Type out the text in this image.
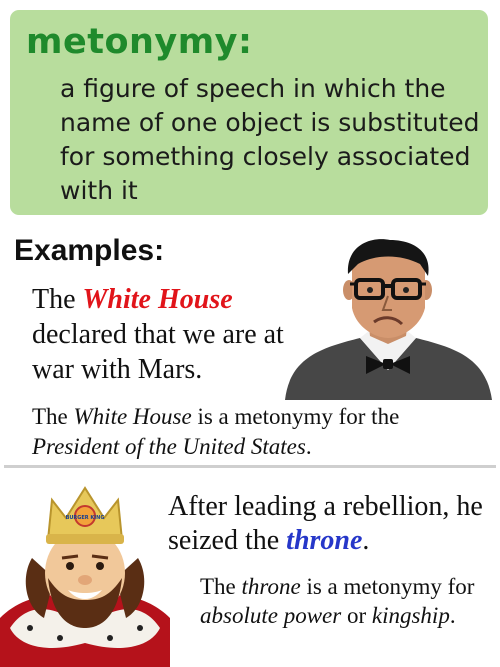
metonymy:
a figure of speech in which the name of one object is substituted for something closely associated with it
Examples:
The White House declared that we are at war with Mars.
The White House is a metonymy for the President of the United States.
BURGER KING After leading a rebellion, he seized the throne.
The throne is a metonymy for absolute power or kingship.
